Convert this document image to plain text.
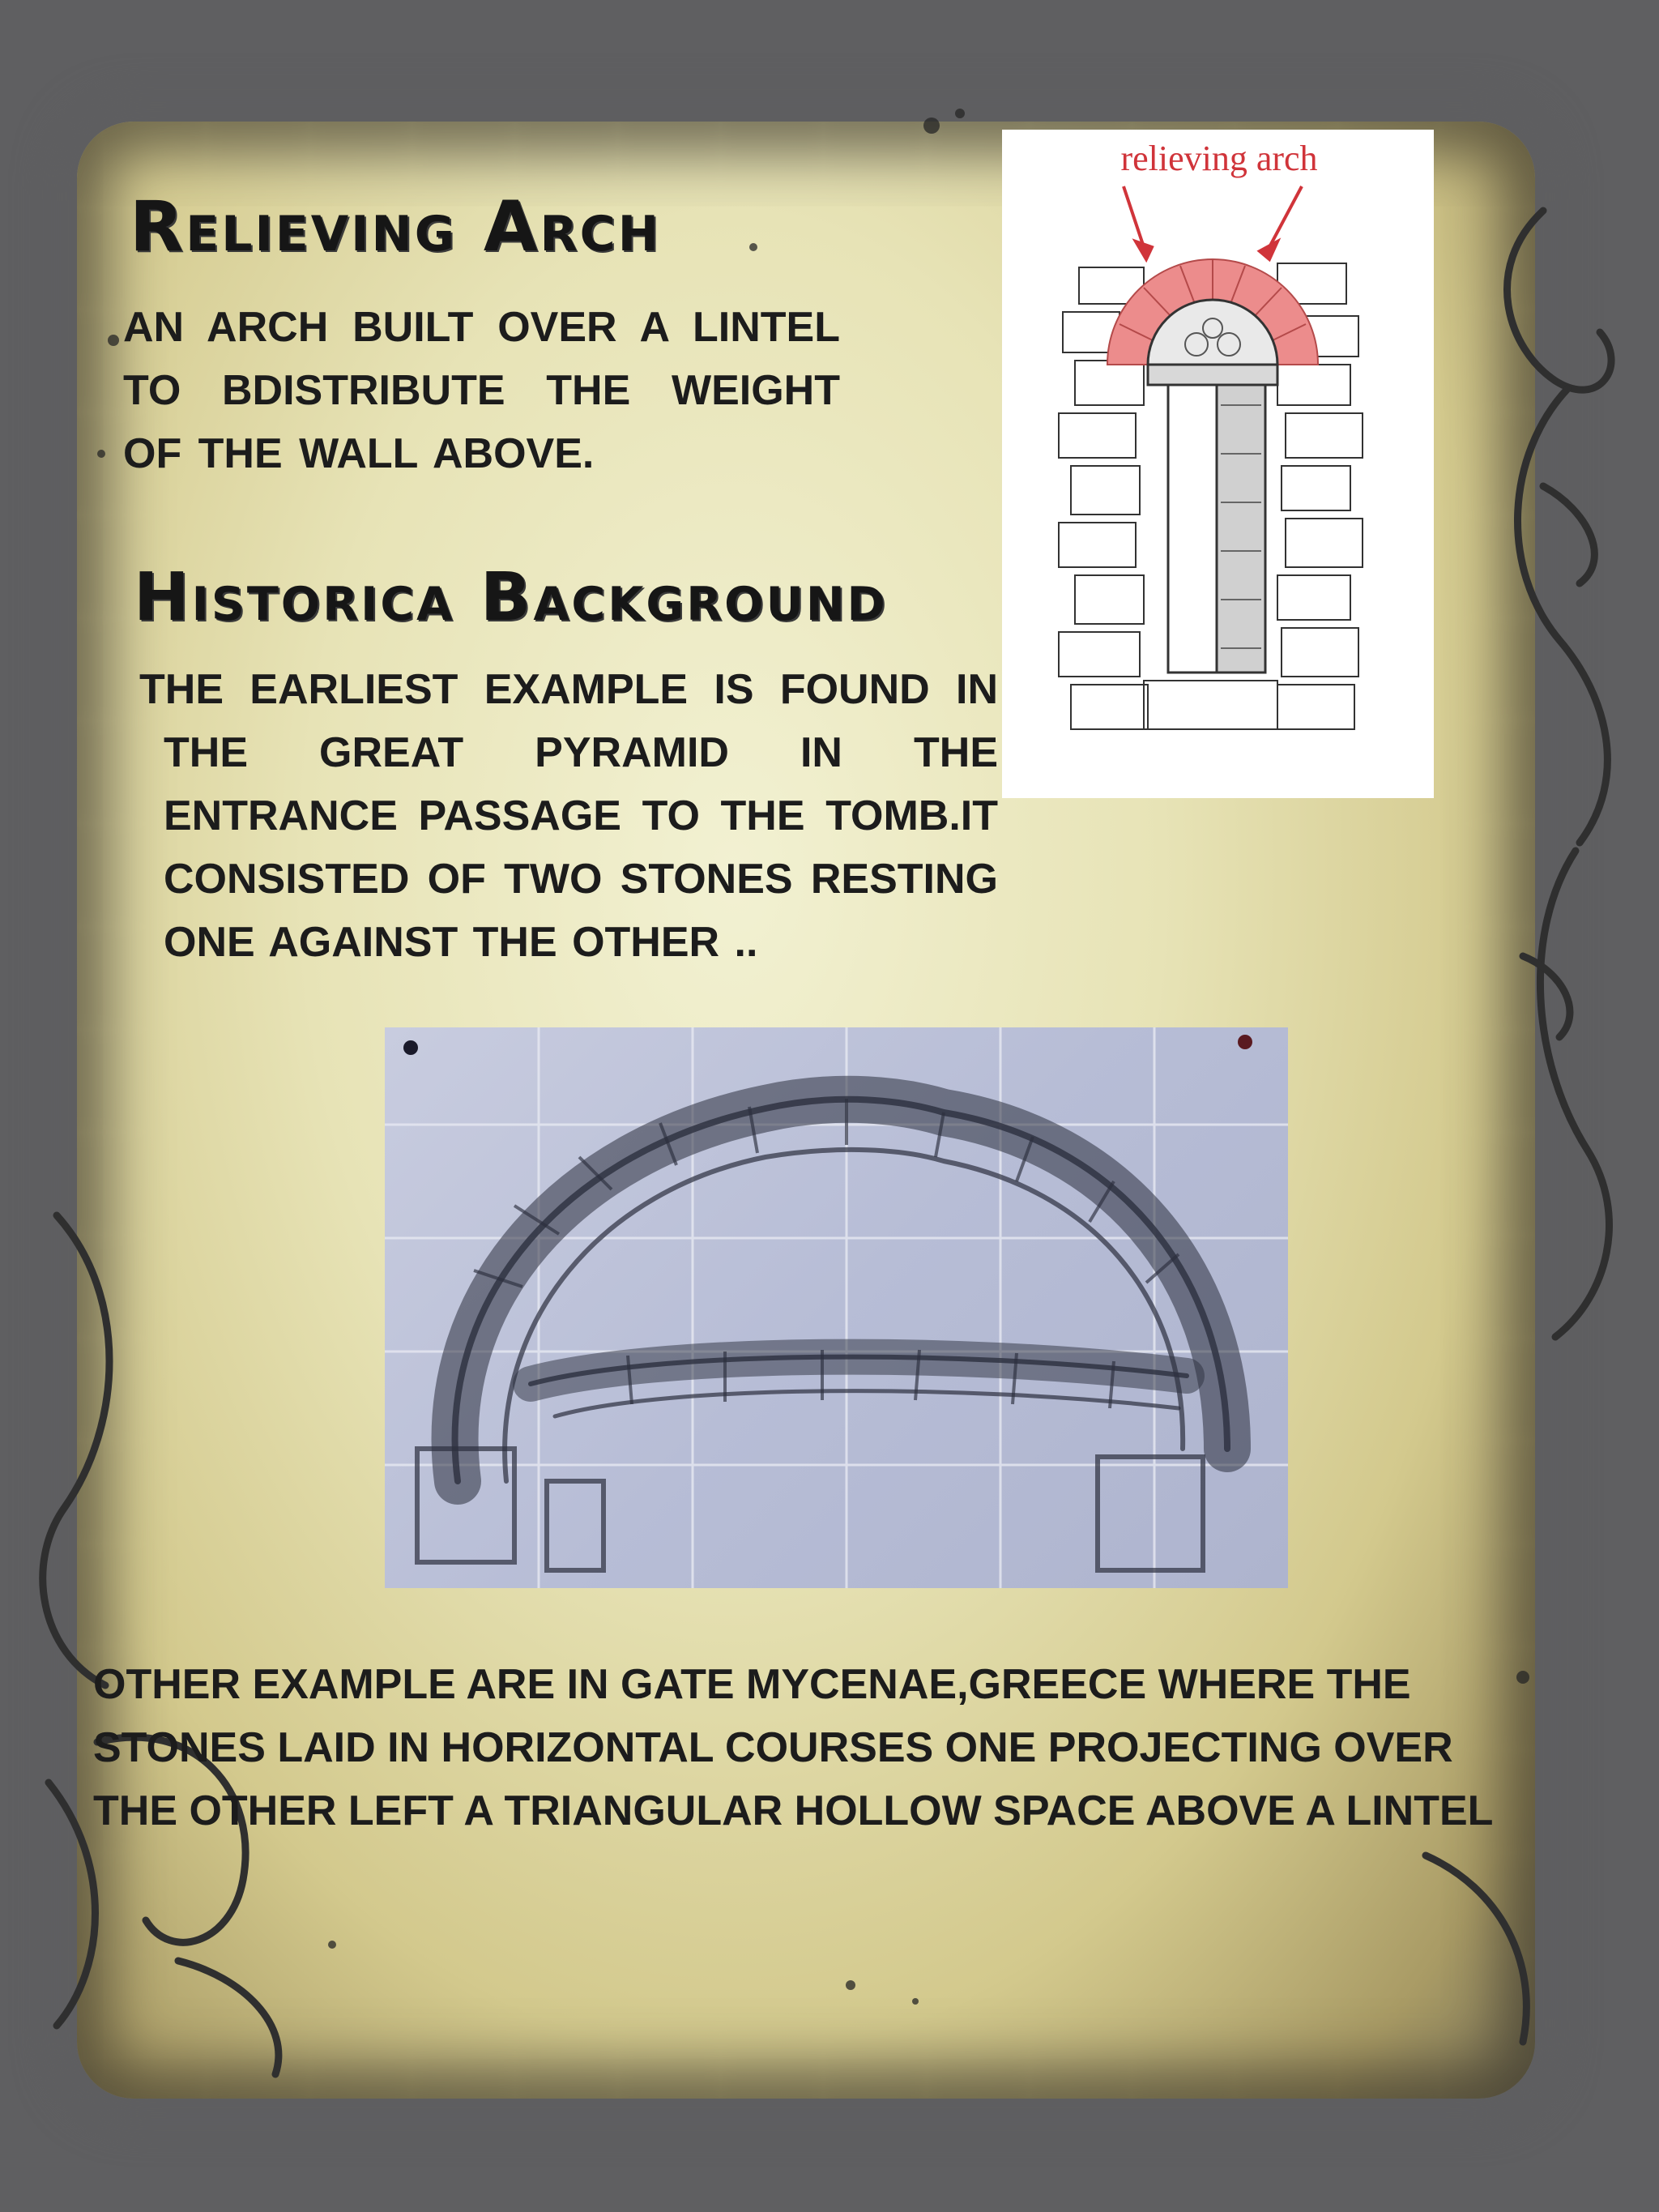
Relieving Arch

AN ARCH BUILT OVER A LINTEL TO BDISTRIBUTE THE WEIGHT OF THE WALL ABOVE.

Historica Background

THE EARLIEST EXAMPLE IS FOUND IN THE GREAT PYRAMID IN THE ENTRANCE PASSAGE TO THE TOMB.IT CONSISTED OF TWO STONES RESTING ONE AGAINST THE OTHER ..

relieving arch

OTHER EXAMPLE ARE IN GATE MYCENAE,GREECE WHERE THE STONES LAID IN HORIZONTAL COURSES ONE PROJECTING OVER THE OTHER LEFT A TRIANGULAR HOLLOW SPACE ABOVE A LINTEL
